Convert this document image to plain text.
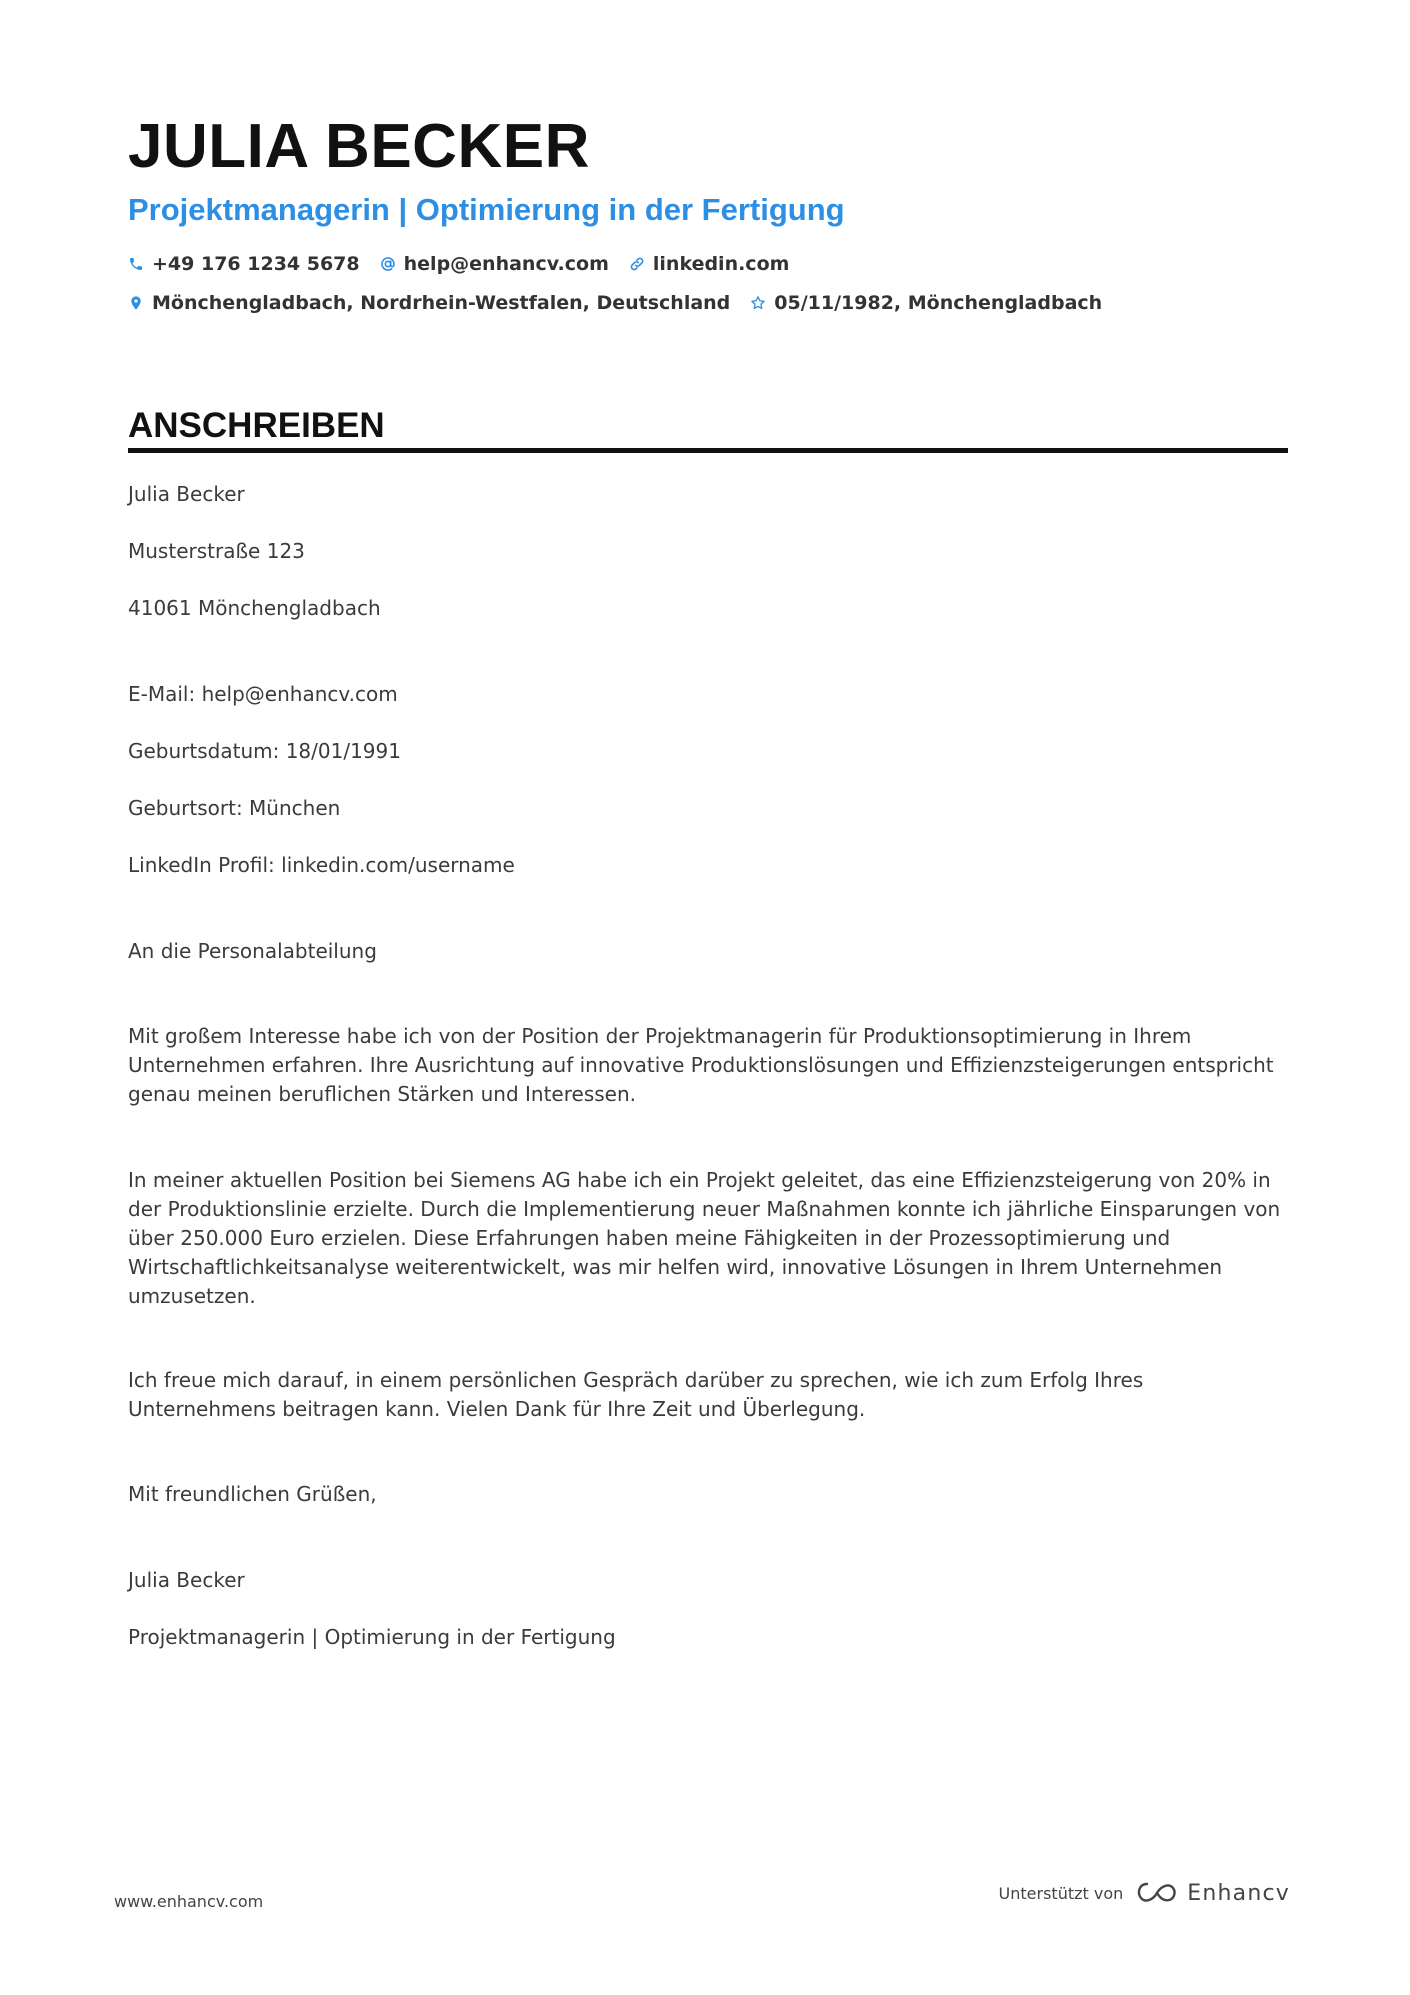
JULIA BECKER
Projektmanagerin | Optimierung in der Fertigung
+49 176 1234 5678 help@enhancv.com linkedin.com
Mönchengladbach, Nordrhein-Westfalen, Deutschland 05/11/1982, Mönchengladbach
ANSCHREIBEN

Julia Becker

Musterstraße 123

41061 Mönchengladbach

E-Mail: help@enhancv.com

Geburtsdatum: 18/01/1991

Geburtsort: München

LinkedIn Profil: linkedin.com/username

An die Personalabteilung

Mit großem Interesse habe ich von der Position der Projektmanagerin für Produktionsoptimierung in Ihrem Unternehmen erfahren. Ihre Ausrichtung auf innovative Produktionslösungen und Effizienzsteigerungen entspricht genau meinen beruflichen Stärken und Interessen.

In meiner aktuellen Position bei Siemens AG habe ich ein Projekt geleitet, das eine Effizienzsteigerung von 20% in der Produktionslinie erzielte. Durch die Implementierung neuer Maßnahmen konnte ich jährliche Einsparungen von über 250.000 Euro erzielen. Diese Erfahrungen haben meine Fähigkeiten in der Prozessoptimierung und Wirtschaftlichkeitsanalyse weiterentwickelt, was mir helfen wird, innovative Lösungen in Ihrem Unternehmen umzusetzen.

Ich freue mich darauf, in einem persönlichen Gespräch darüber zu sprechen, wie ich zum Erfolg Ihres Unternehmens beitragen kann. Vielen Dank für Ihre Zeit und Überlegung.

Mit freundlichen Grüßen,

Julia Becker

Projektmanagerin | Optimierung in der Fertigung

www.enhancv.com	Unterstützt von	Enhancv
